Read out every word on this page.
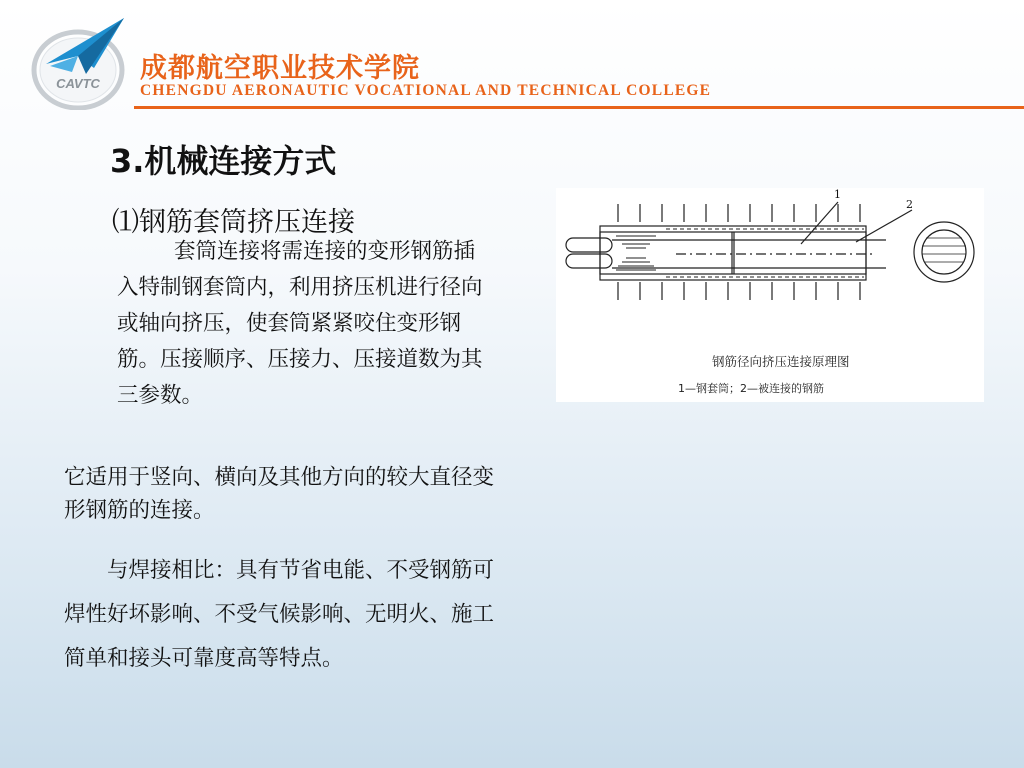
CAVTC 成都航空职业技术学院
CHENGDU AERONAUTIC VOCATIONAL AND TECHNICAL COLLEGE
3.机械连接方式
⑴钢筋套筒挤压连接
套筒连接将需连接的变形钢筋插入特制钢套筒内，利用挤压机进行径向或轴向挤压，使套筒紧紧咬住变形钢筋。压接顺序、压接力、压接道数为其三参数。
它适用于竖向、横向及其他方向的较大直径变形钢筋的连接。
与焊接相比：具有节省电能、不受钢筋可焊性好坏影响、不受气候影响、无明火、施工简单和接头可靠度高等特点。
1
2
钢筋径向挤压连接原理图
1—钢套筒；2—被连接的钢筋
